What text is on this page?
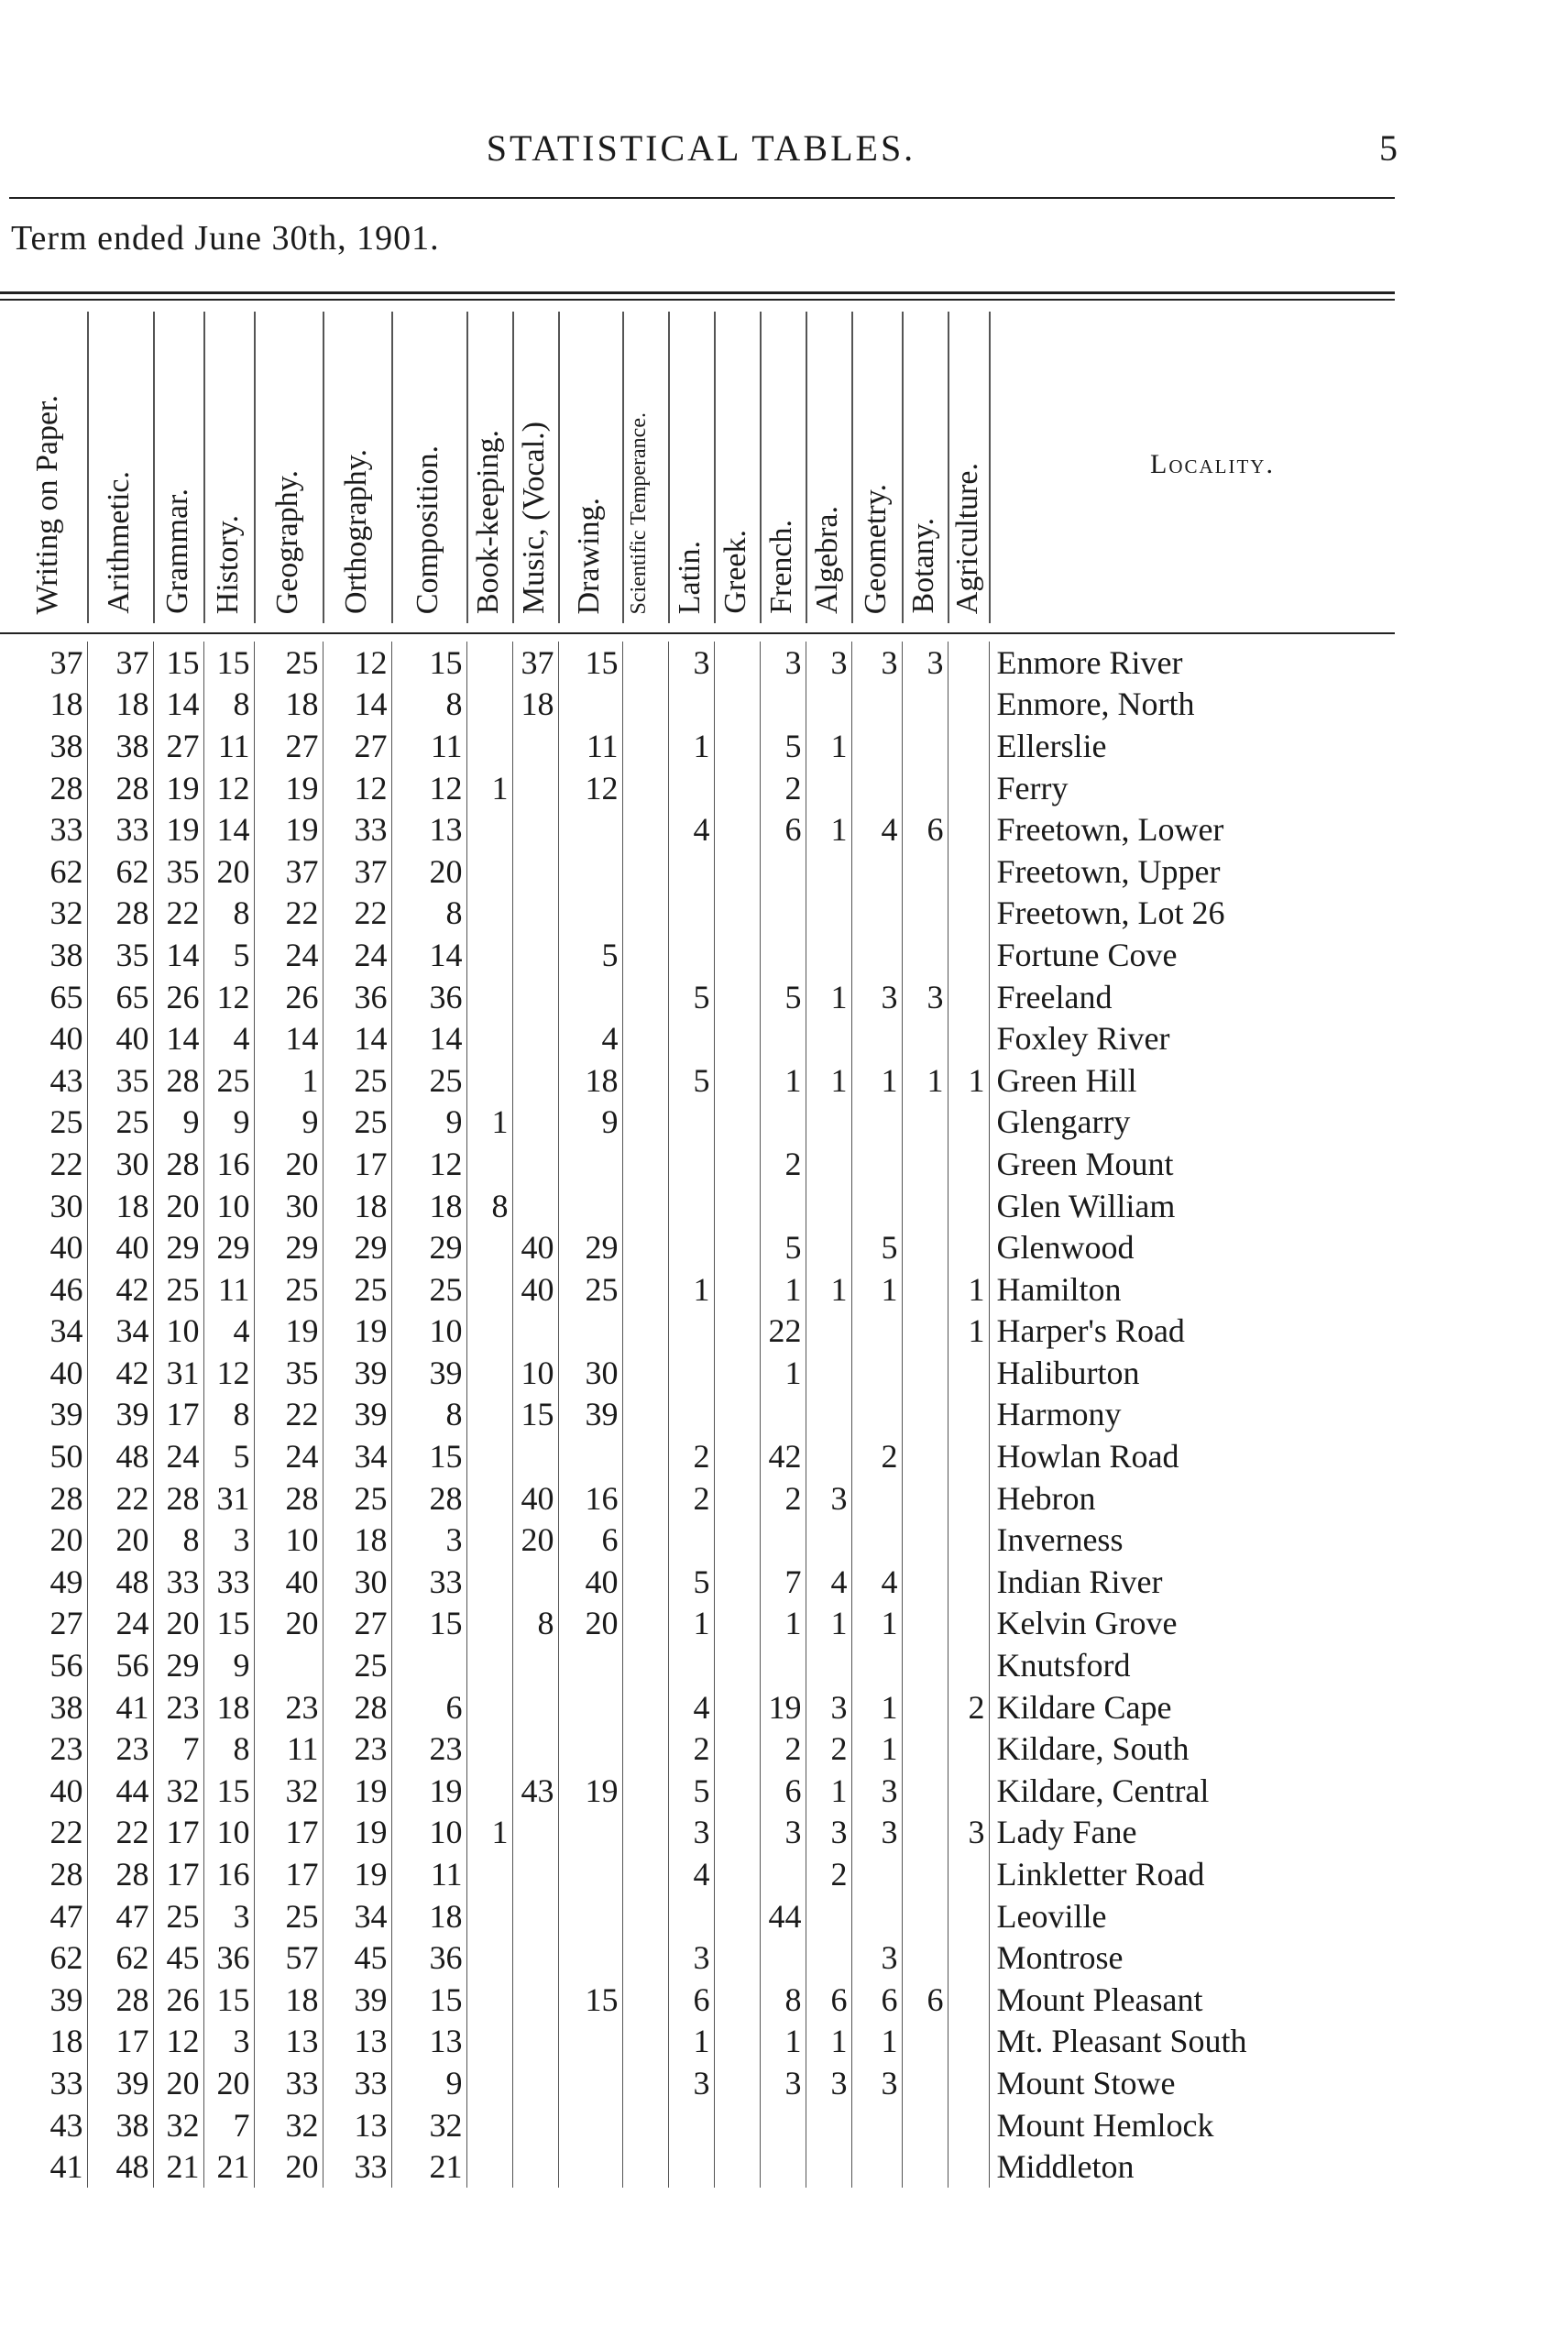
STATISTICAL TABLES.	5
Term ended June 30th, 1901.
Writing on Paper. Arithmetic. Grammar. History. Geography. Orthography. Composition. Book-keeping. Music, (Vocal.) Drawing. Scientific Temperance. Latin. Greek. French. Algebra. Geometry. Botany. Agriculture.	Locality.
37	37	15	15	25	12	15		37	15		3		3	3	3	3		Enmore River
18	18	14	8	18	14	8		18										Enmore, North
38	38	27	11	27	27	11			11		1		5	1				Ellerslie
28	28	19	12	19	12	12	1		12				2					Ferry
33	33	19	14	19	33	13					4		6	1	4	6		Freetown, Lower
62	62	35	20	37	37	20												Freetown, Upper
32	28	22	8	22	22	8												Freetown, Lot 26
38	35	14	5	24	24	14			5									Fortune Cove
65	65	26	12	26	36	36					5		5	1	3	3		Freeland
40	40	14	4	14	14	14			4									Foxley River
43	35	28	25	1	25	25			18		5		1	1	1	1	1	Green Hill
25	25	9	9	9	25	9	1		9									Glengarry
22	30	28	16	20	17	12							2					Green Mount
30	18	20	10	30	18	18	8											Glen William
40	40	29	29	29	29	29		40	29				5		5			Glenwood
46	42	25	11	25	25	25		40	25		1		1	1	1		1	Hamilton
34	34	10	4	19	19	10							22				1	Harper's Road
40	42	31	12	35	39	39		10	30				1					Haliburton
39	39	17	8	22	39	8		15	39									Harmony
50	48	24	5	24	34	15					2		42		2			Howlan Road
28	22	28	31	28	25	28		40	16		2		2	3				Hebron
20	20	8	3	10	18	3		20	6									Inverness
49	48	33	33	40	30	33			40		5		7	4	4			Indian River
27	24	20	15	20	27	15		8	20		1		1	1	1			Kelvin Grove
56	56	29	9		25													Knutsford
38	41	23	18	23	28	6					4		19	3	1		2	Kildare Cape
23	23	7	8	11	23	23					2		2	2	1			Kildare, South
40	44	32	15	32	19	19		43	19		5		6	1	3			Kildare, Central
22	22	17	10	17	19	10	1				3		3	3	3		3	Lady Fane
28	28	17	16	17	19	11					4			2				Linkletter Road
47	47	25	3	25	34	18							44					Leoville
62	62	45	36	57	45	36					3				3			Montrose
39	28	26	15	18	39	15			15		6		8	6	6	6		Mount Pleasant
18	17	12	3	13	13	13					1		1	1	1			Mt. Pleasant South
33	39	20	20	33	33	9					3		3	3	3			Mount Stowe
43	38	32	7	32	13	32												Mount Hemlock
41	48	21	21	20	33	21												Middleton
